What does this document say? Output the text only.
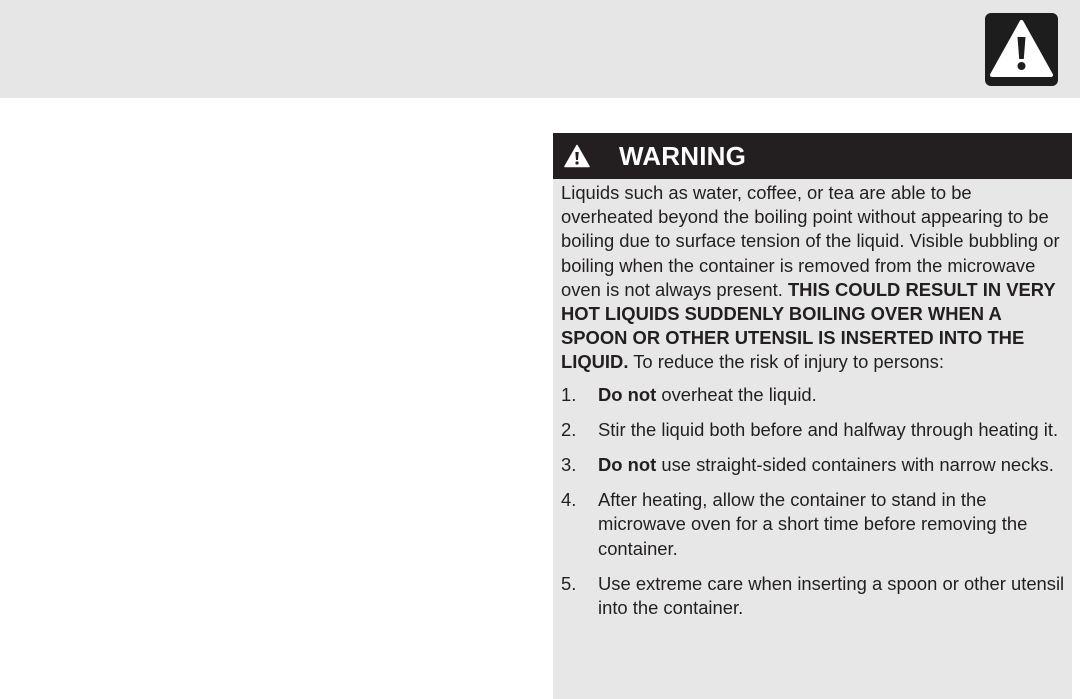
WARNING

Liquids such as water, coffee, or tea are able to be overheated beyond the boiling point without appearing to be boiling due to surface tension of the liquid. Visible bubbling or boiling when the container is removed from the microwave oven is not always present. THIS COULD RESULT IN VERY HOT LIQUIDS SUDDENLY BOILING OVER WHEN A SPOON OR OTHER UTENSIL IS INSERTED INTO THE LIQUID. To reduce the risk of injury to persons:

1. Do not overheat the liquid.
2. Stir the liquid both before and halfway through heating it.
3. Do not use straight-sided containers with narrow necks.
4. After heating, allow the container to stand in the microwave oven for a short time before removing the container.
5. Use extreme care when inserting a spoon or other utensil into the container.
